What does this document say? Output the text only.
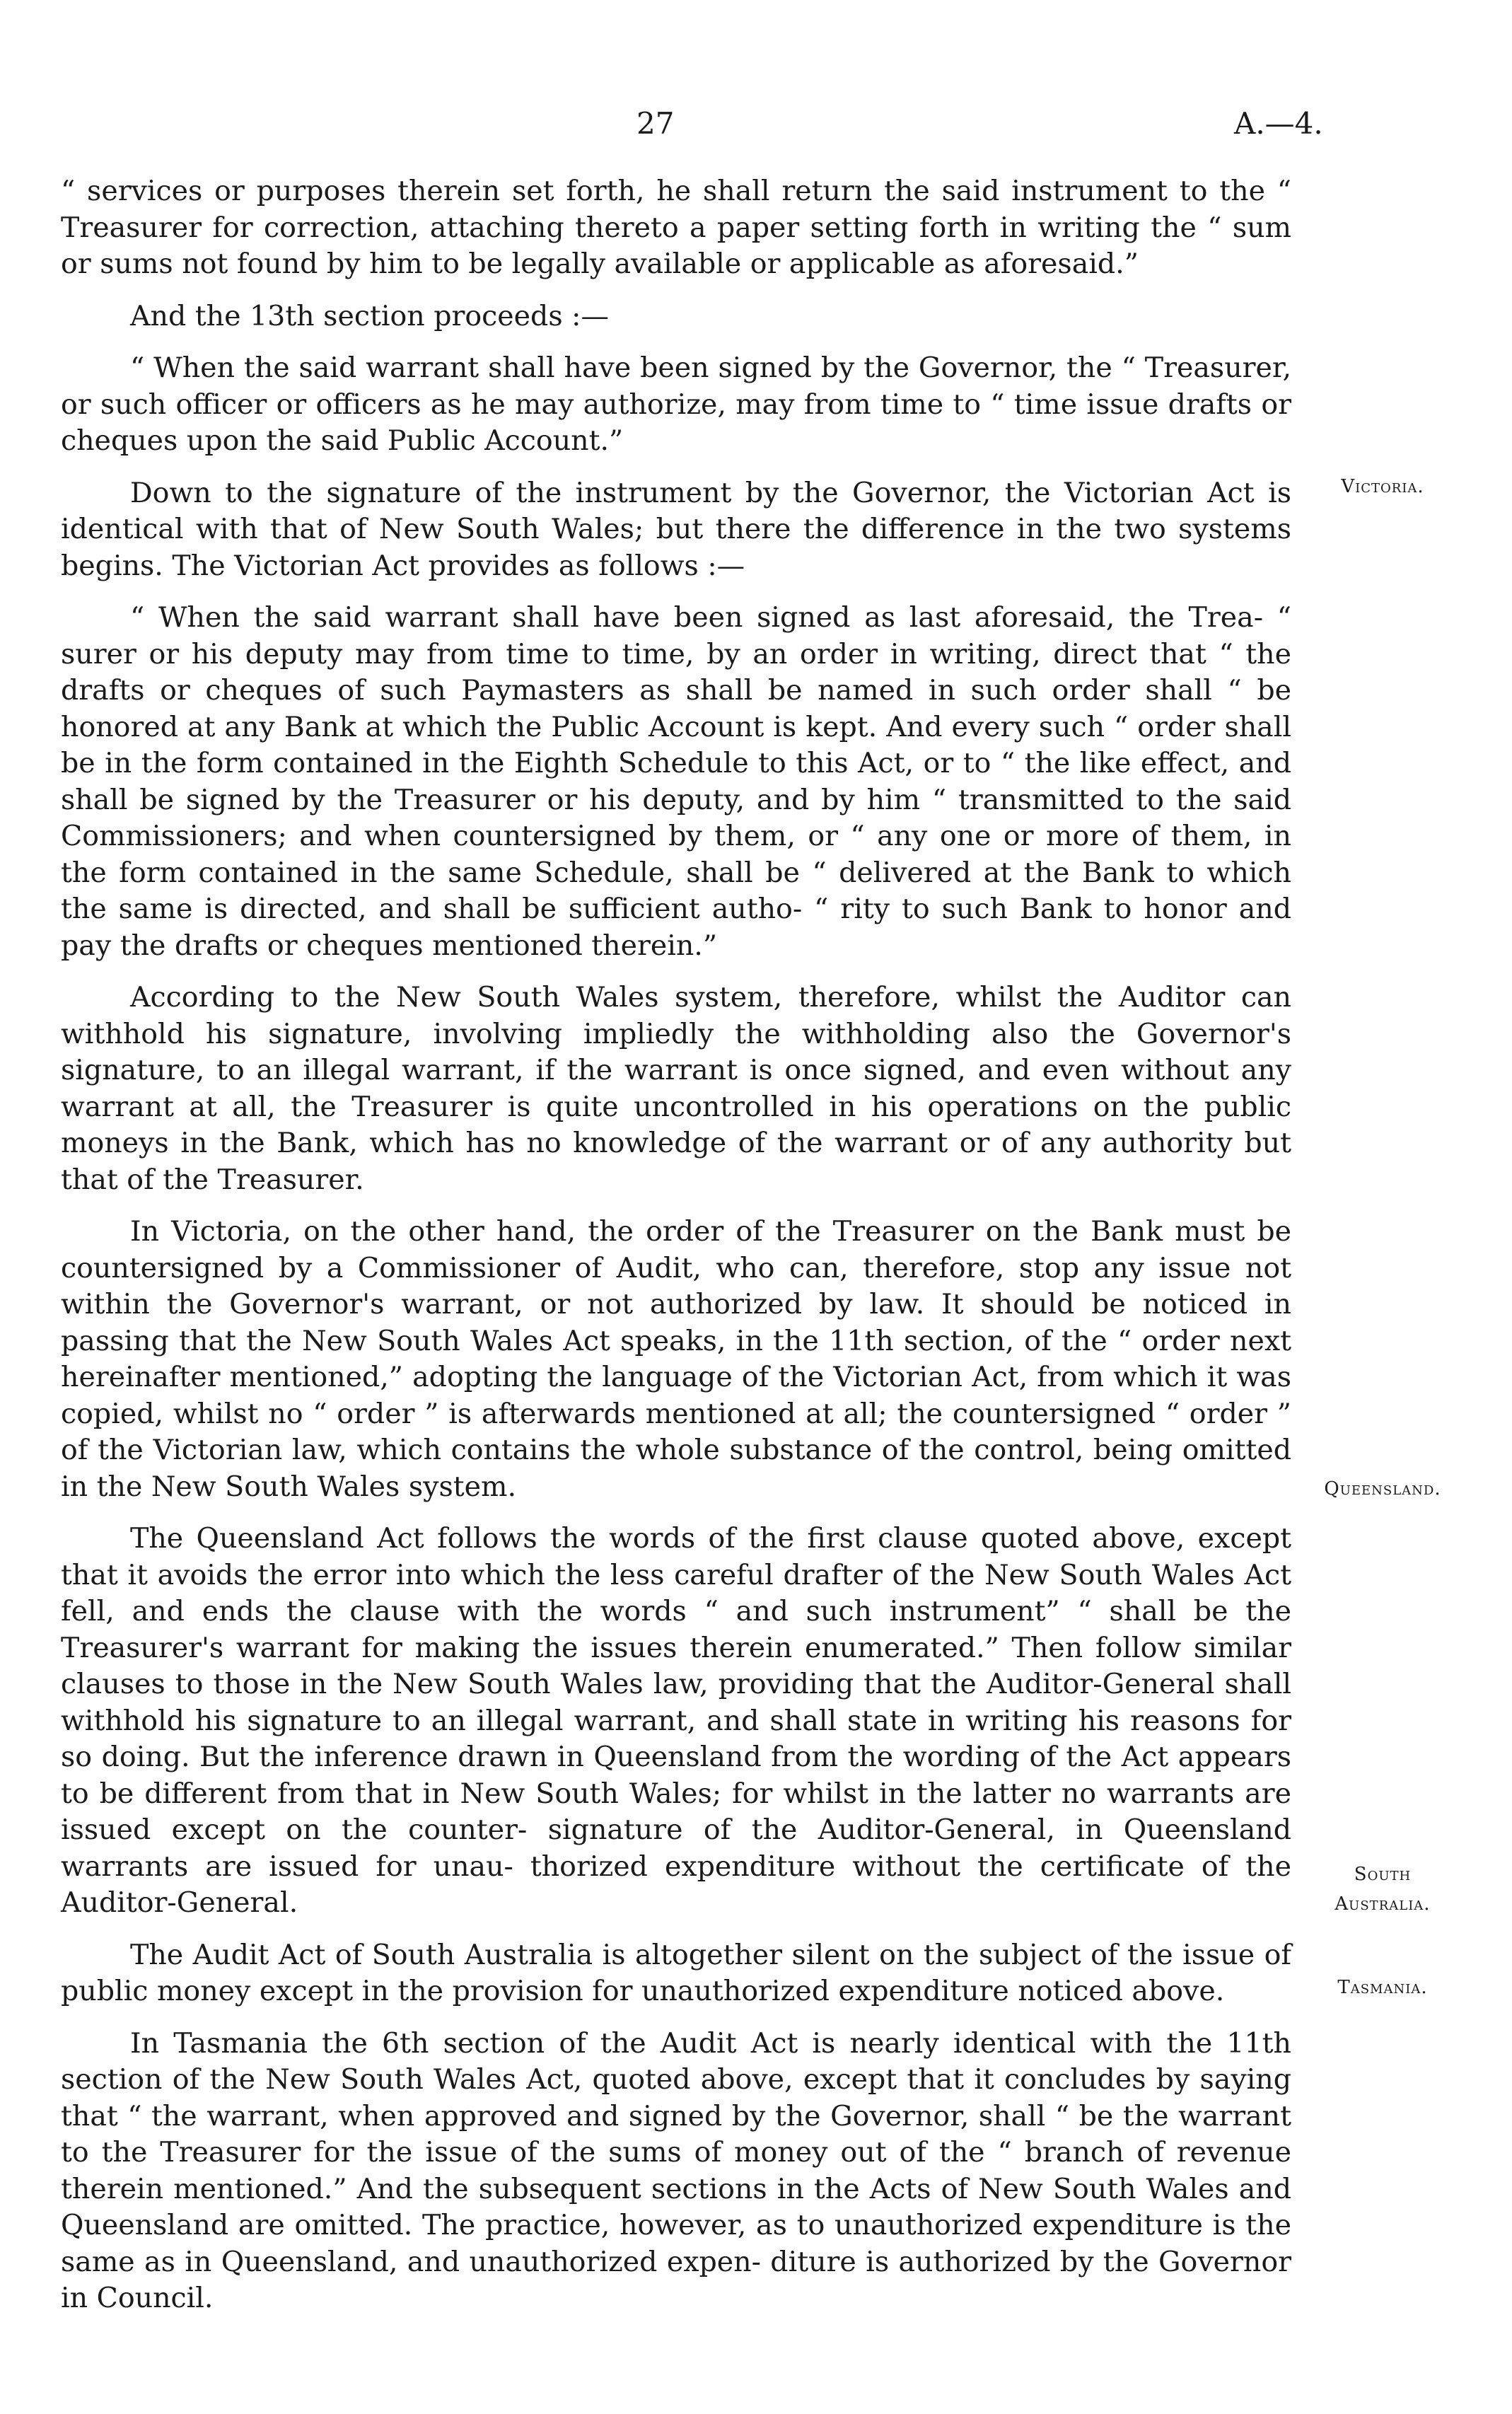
27	A.—4.

“ services or purposes therein set forth, he shall return the said instrument to the “ Treasurer for correction, attaching thereto a paper setting forth in writing the “ sum or sums not found by him to be legally available or applicable as aforesaid.”

And the 13th section proceeds :—

“ When the said warrant shall have been signed by the Governor, the “ Treasurer, or such officer or officers as he may authorize, may from time to “ time issue drafts or cheques upon the said Public Account.”

Down to the signature of the instrument by the Governor, the Victorian Act is identical with that of New South Wales; but there the difference in the two systems begins. The Victorian Act provides as follows :—

“ When the said warrant shall have been signed as last aforesaid, the Trea- “ surer or his deputy may from time to time, by an order in writing, direct that “ the drafts or cheques of such Paymasters as shall be named in such order shall “ be honored at any Bank at which the Public Account is kept. And every such “ order shall be in the form contained in the Eighth Schedule to this Act, or to “ the like effect, and shall be signed by the Treasurer or his deputy, and by him “ transmitted to the said Commissioners; and when countersigned by them, or “ any one or more of them, in the form contained in the same Schedule, shall be “ delivered at the Bank to which the same is directed, and shall be sufficient autho- “ rity to such Bank to honor and pay the drafts or cheques mentioned therein.”

According to the New South Wales system, therefore, whilst the Auditor can withhold his signature, involving impliedly the withholding also the Governor's signature, to an illegal warrant, if the warrant is once signed, and even without any warrant at all, the Treasurer is quite uncontrolled in his operations on the public moneys in the Bank, which has no knowledge of the warrant or of any authority but that of the Treasurer.

In Victoria, on the other hand, the order of the Treasurer on the Bank must be countersigned by a Commissioner of Audit, who can, therefore, stop any issue not within the Governor's warrant, or not authorized by law. It should be noticed in passing that the New South Wales Act speaks, in the 11th section, of the “ order next hereinafter mentioned,” adopting the language of the Victorian Act, from which it was copied, whilst no “ order ” is afterwards mentioned at all; the countersigned “ order ” of the Victorian law, which contains the whole substance of the control, being omitted in the New South Wales system.

The Queensland Act follows the words of the first clause quoted above, except that it avoids the error into which the less careful drafter of the New South Wales Act fell, and ends the clause with the words “ and such instrument” “ shall be the Treasurer's warrant for making the issues therein enumerated.” Then follow similar clauses to those in the New South Wales law, providing that the Auditor-General shall withhold his signature to an illegal warrant, and shall state in writing his reasons for so doing. But the inference drawn in Queensland from the wording of the Act appears to be different from that in New South Wales; for whilst in the latter no warrants are issued except on the counter- signature of the Auditor-General, in Queensland warrants are issued for unau- thorized expenditure without the certificate of the Auditor-General.

The Audit Act of South Australia is altogether silent on the subject of the issue of public money except in the provision for unauthorized expenditure noticed above.

In Tasmania the 6th section of the Audit Act is nearly identical with the 11th section of the New South Wales Act, quoted above, except that it concludes by saying that “ the warrant, when approved and signed by the Governor, shall “ be the warrant to the Treasurer for the issue of the sums of money out of the “ branch of revenue therein mentioned.” And the subsequent sections in the Acts of New South Wales and Queensland are omitted. The practice, however, as to unauthorized expenditure is the same as in Queensland, and unauthorized expen- diture is authorized by the Governor in Council.

Victoria.
Queensland.
South
Australia.
Tasmania.
